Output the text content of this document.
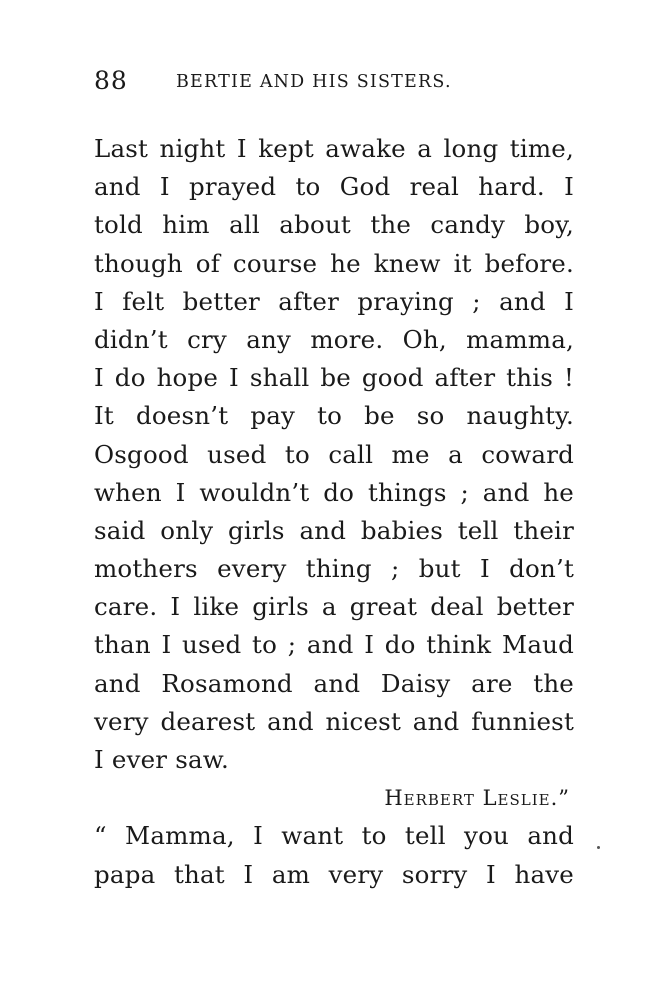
88	BERTIE AND HIS SISTERS.
Last night I kept awake a long time,
and I prayed to God real hard. I
told him all about the candy boy,
though of course he knew it before.
I felt better after praying ; and I
didn’t cry any more. Oh, mamma,
I do hope I shall be good after this !
It doesn’t pay to be so naughty.
Osgood used to call me a coward
when I wouldn’t do things ; and he
said only girls and babies tell their
mothers every thing ; but I don’t
care. I like girls a great deal better
than I used to ; and I do think Maud
and Rosamond and Daisy are the
very dearest and nicest and funniest
I ever saw.
Herbert Leslie.”
“ Mamma, I want to tell you and
papa that I am very sorry I have
